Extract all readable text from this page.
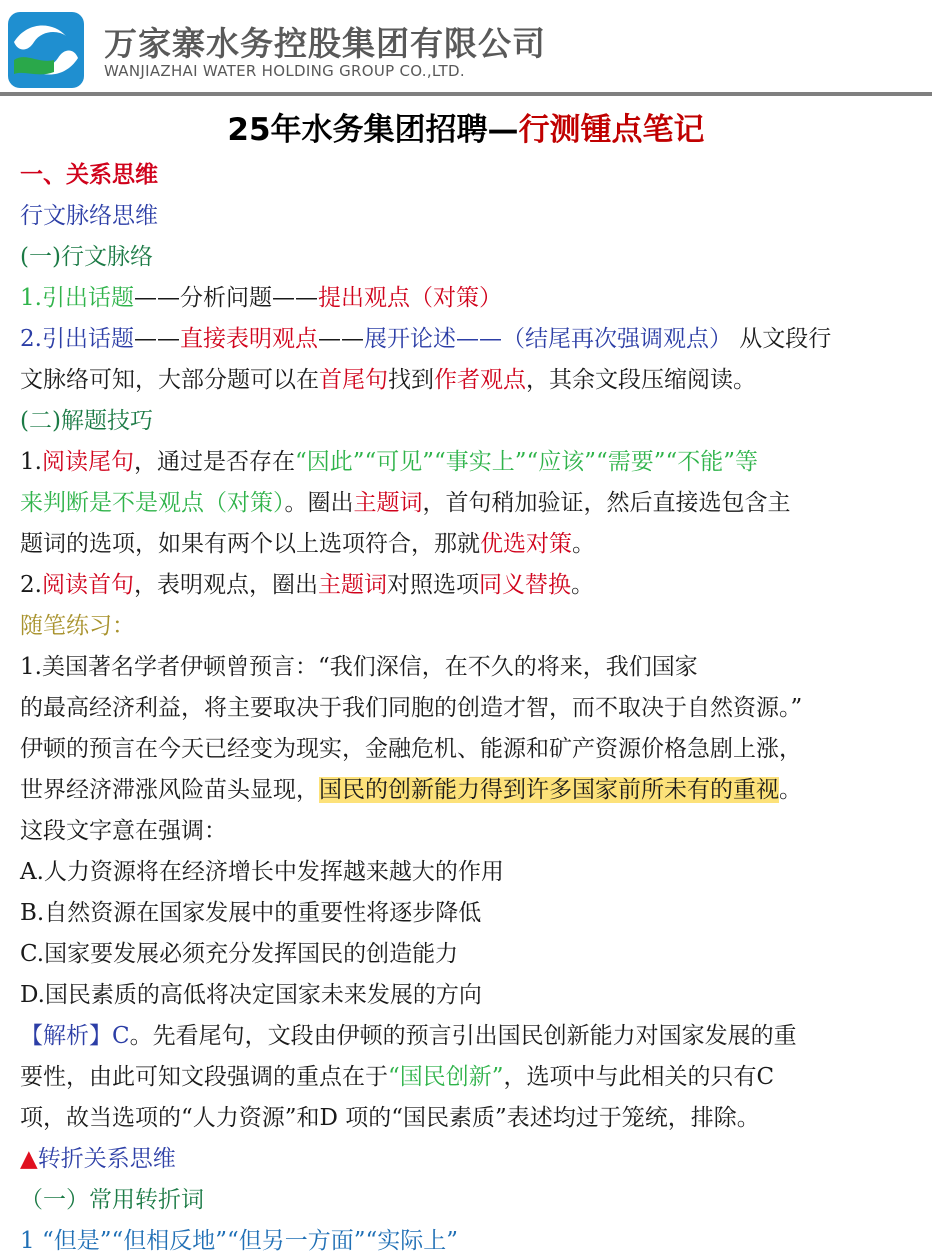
万家寨水务控股集团有限公司
WANJIAZHAI WATER HOLDING GROUP CO.,LTD.
25年水务集团招聘—行测锺点笔记
一、关系思维
行文脉络思维
(一)行文脉络
1.引出话题——分析问题——提出观点（对策）
2.引出话题——直接表明观点——展开论述——（结尾再次强调观点） 从文段行
文脉络可知，大部分题可以在首尾句找到作者观点，其余文段压缩阅读。
(二)解题技巧
1.阅读尾句，通过是否存在“因此”“可见”“事实上”“应该”“需要”“不能”等
来判断是不是观点（对策）。圈出主题词，首句稍加验证，然后直接选包含主
题词的选项，如果有两个以上选项符合，那就优选对策。
2.阅读首句，表明观点，圈出主题词对照选项同义替换。
随笔练习：
1.美国著名学者伊顿曾预言：“我们深信，在不久的将来，我们国家
的最高经济利益，将主要取决于我们同胞的创造才智，而不取决于自然资源。”
伊顿的预言在今天已经变为现实，金融危机、能源和矿产资源价格急剧上涨，
世界经济滞涨风险苗头显现，国民的创新能力得到许多国家前所未有的重视。
这段文字意在强调：
A.人力资源将在经济增长中发挥越来越大的作用
B.自然资源在国家发展中的重要性将逐步降低
C.国家要发展必须充分发挥国民的创造能力
D.国民素质的高低将决定国家未来发展的方向
【解析】C。先看尾句，文段由伊顿的预言引出国民创新能力对国家发展的重
要性，由此可知文段强调的重点在于“国民创新”，选项中与此相关的只有C
项，故当选项的“人力资源”和D 项的“国民素质”表述均过于笼统，排除。
▲转折关系思维
（一）常用转折词
1 “但是”“但相反地”“但另一方面”“实际上”
